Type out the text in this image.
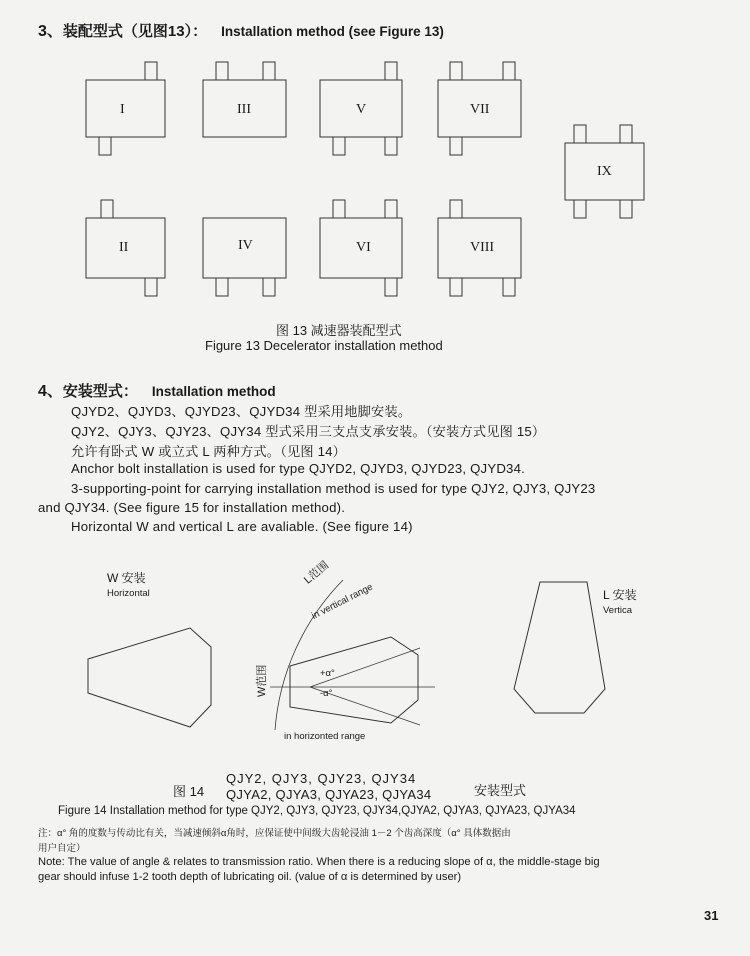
3、装配型式（见图13）： Installation method (see Figure 13)
I	III	V	VII
IX
II	IV	VI	VIII
图 13 减速器装配型式
Figure 13 Decelerator installation method
4、安装型式： Installation method
QJYD2、QJYD3、QJYD23、QJYD34 型采用地脚安装。
QJY2、QJY3、QJY23、QJY34 型式采用三支点支承安装。（安装方式见图 15）
允许有卧式 W 或立式 L 两种方式。（见图 14）
Anchor bolt installation is used for type QJYD2, QJYD3, QJYD23, QJYD34.
3-supporting-point for carrying installation method is used for type QJY2, QJY3, QJY23
and QJY34. (See figure 15 for installation method).
Horizontal W and vertical L are avaliable. (See figure 14)
W 安装
Horizontal	L 安装
Vertica
L范围
in vertical range
W范围	+α°
-α°
in horizonted range
图 14
QJY2, QJY3, QJY23, QJY34
QJYA2, QJYA3, QJYA23, QJYA34	安装型式
Figure 14 Installation method for type QJY2, QJY3, QJY23, QJY34,QJYA2, QJYA3, QJYA23, QJYA34
注：α° 角的度数与传动比有关，当减速倾斜α角时，应保证使中间级大齿轮浸油 1－2 个齿高深度（α° 具体数据由
用户自定）
Note: The value of angle & relates to transmission ratio. When there is a reducing slope of α, the middle-stage big
gear should infuse 1-2 tooth depth of lubricating oil. (value of α is determined by user)
31
